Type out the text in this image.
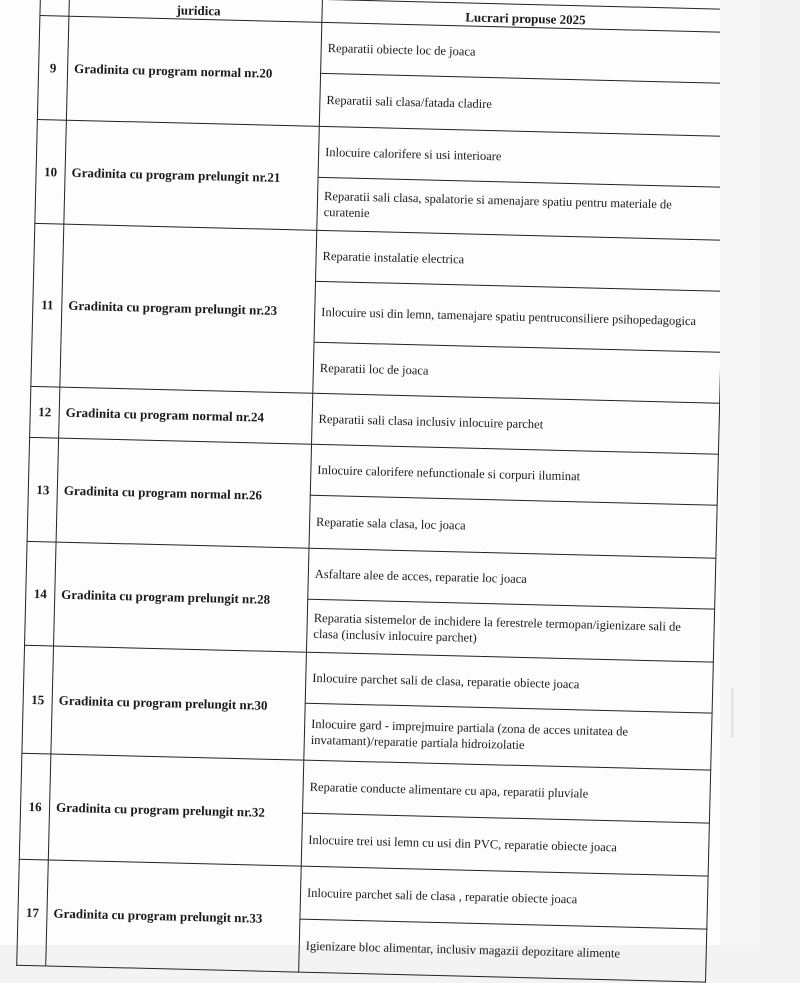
	juridica	Lucrari propuse 2025
9	Gradinita cu program normal nr.20	Reparatii obiecte loc de joaca

		Reparatii sali clasa/fatada cladire

10	Gradinita cu program prelungit nr.21	Inlocuire calorifere si usi interioare

		Reparatii sali clasa, spalatorie si amenajare spatiu pentru materiale de curatenie

11	Gradinita cu program prelungit nr.23	Reparatie instalatie electrica

		Inlocuire usi din lemn, tamenajare spatiu pentruconsiliere psihopedagogica

		Reparatii loc de joaca

12	Gradinita cu program normal nr.24	Reparatii sali clasa inclusiv inlocuire parchet

13	Gradinita cu program normal nr.26	Inlocuire calorifere nefunctionale si corpuri iluminat

		Reparatie sala clasa, loc joaca

14	Gradinita cu program prelungit nr.28	Asfaltare alee de acces, reparatie loc joaca

		Reparatia sistemelor de inchidere la ferestrele termopan/igienizare sali de clasa (inclusiv inlocuire parchet)

15	Gradinita cu program prelungit nr.30	Inlocuire parchet sali de clasa, reparatie obiecte joaca

		Inlocuire gard - imprejmuire partiala (zona de acces unitatea de invatamant)/reparatie partiala hidroizolatie

16	Gradinita cu program prelungit nr.32	Reparatie conducte alimentare cu apa, reparatii pluviale

		Inlocuire trei usi lemn cu usi din PVC, reparatie obiecte joaca

17	Gradinita cu program prelungit nr.33	Inlocuire parchet sali de clasa , reparatie obiecte joaca

		Igienizare bloc alimentar, inclusiv magazii depozitare alimente
